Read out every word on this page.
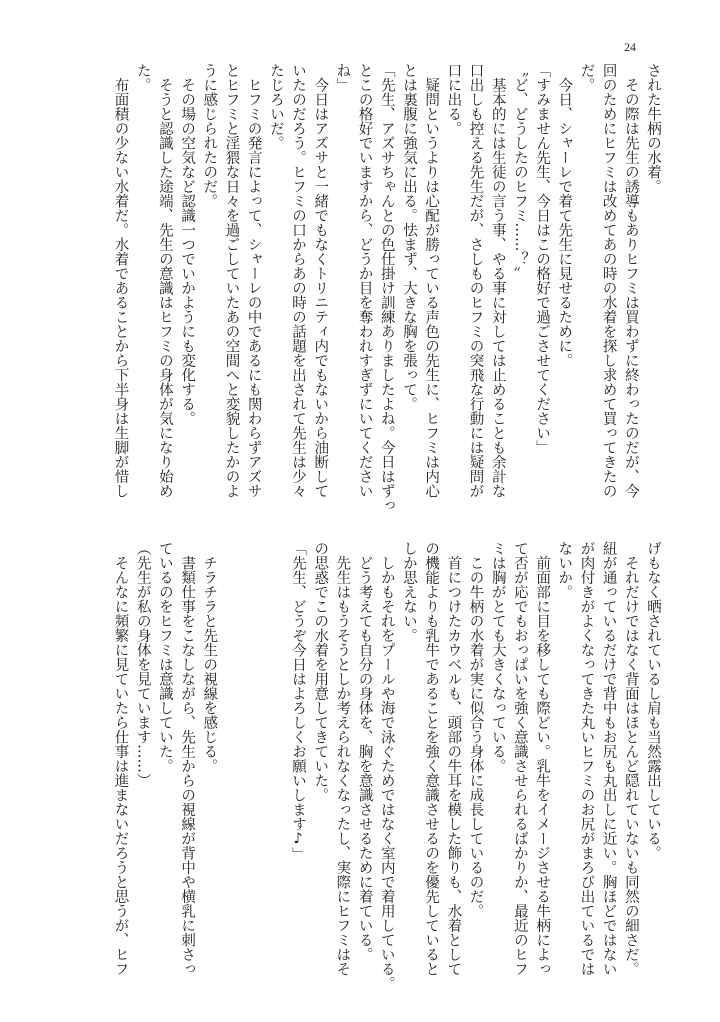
24
された牛柄の水着。
　その際は先生の誘導もありヒフミは買わずに終わったのだが、今
回のためにヒフミは改めてあの時の水着を探し求めて買ってきたの
だ。
　今日、シャーレで着て先生に見せるために。
「すみません先生、今日はこの格好で過ごさせてください」
〝ど、どうしたのヒフミ……？〟
　基本的には生徒の言う事、やる事に対しては止めることも余計な
口出しも控える先生だが、さしものヒフミの突飛な行動には疑問が
口に出る。
　疑問というよりは心配が勝っている声色の先生に、ヒフミは内心
とは裏腹に強気に出る。怯まず、大きな胸を張って。
「先生、アズサちゃんとの色仕掛け訓練ありましたよね。今日はずっ
とこの格好でいますから、どうか目を奪われすぎずにいてください
ね」
　今日はアズサと一緒でもなくトリニティ内でもないから油断して
いたのだろう。ヒフミの口からあの時の話題を出されて先生は少々
たじろいだ。
　ヒフミの発言によって、シャーレの中であるにも関わらずアズサ
とヒフミと淫猥な日々を過ごしていたあの空間へと変貌したかのよ
うに感じられたのだ。
　その場の空気など認識一つでいかようにも変化する。
　そうと認識した途端、先生の意識はヒフミの身体が気になり始め
た。
　布面積の少ない水着だ。水着であることから下半身は生脚が惜し
げもなく晒されているし肩も当然露出している。
　それだけではなく背面はほとんど隠れていないも同然の細さだ。
紐が通っているだけで背中もお尻も丸出しに近い。胸ほどではない
が肉付きがよくなってきた丸いヒフミのお尻がまろび出ているでは
ないか。
　前面部に目を移しても際どい。乳牛をイメージさせる牛柄によっ
て否が応でもおっぱいを強く意識させられるばかりか、最近のヒフ
ミは胸がとても大きくなっている。
　この牛柄の水着が実に似合う身体に成長しているのだ。
　首につけたカウベルも、頭部の牛耳を模した飾りも、水着として
の機能よりも乳牛であることを強く意識させるのを優先していると
しか思えない。
　しかもそれをプールや海で泳ぐためではなく室内で着用している。
　どう考えても自分の身体を、胸を意識させるために着ている。
　先生はもうそうとしか考えられなくなったし、実際にヒフミはそ
の思惑でこの水着を用意してきていた。
「先生、どうぞ今日はよろしくお願いします♪」
　チラチラと先生の視線を感じる。
　書類仕事をこなしながら、先生からの視線が背中や横乳に刺さっ
ているのをヒフミは意識していた。
（先生が私の身体を見ています……）
　そんなに頻繁に見ていたら仕事は進まないだろうと思うが、ヒフ
